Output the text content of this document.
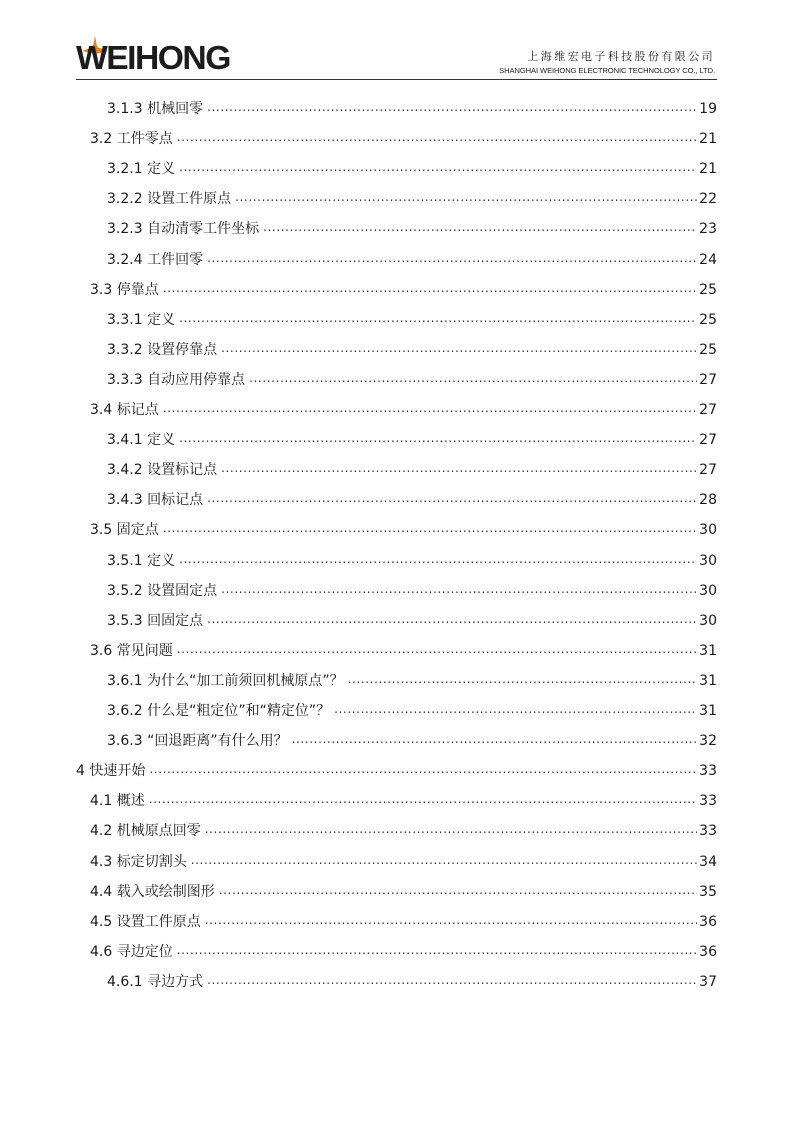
WEIHONG	上海维宏电子科技股份有限公司
SHANGHAI WEIHONG ELECTRONIC TECHNOLOGY CO., LTD.
3.1.3 机械回零 .....	19
3.2 工件零点 .....	21
3.2.1 定义 .....	21
3.2.2 设置工件原点 .....	22
3.2.3 自动清零工件坐标 .....	23
3.2.4 工件回零 .....	24
3.3 停靠点 .....	25
3.3.1 定义 .....	25
3.3.2 设置停靠点 .....	25
3.3.3 自动应用停靠点 .....	27
3.4 标记点 .....	27
3.4.1 定义 .....	27
3.4.2 设置标记点 .....	27
3.4.3 回标记点 .....	28
3.5 固定点 .....	30
3.5.1 定义 .....	30
3.5.2 设置固定点 .....	30
3.5.3 回固定点 .....	30
3.6 常见问题 .....	31
3.6.1 为什么“加工前须回机械原点”？ .....	31
3.6.2 什么是“粗定位”和“精定位”？ .....	31
3.6.3 “回退距离”有什么用？ .....	32
4 快速开始 .....	33
4.1 概述 .....	33
4.2 机械原点回零 .....	33
4.3 标定切割头 .....	34
4.4 载入或绘制图形 .....	35
4.5 设置工件原点 .....	36
4.6 寻边定位 .....	36
4.6.1 寻边方式 .....	37
